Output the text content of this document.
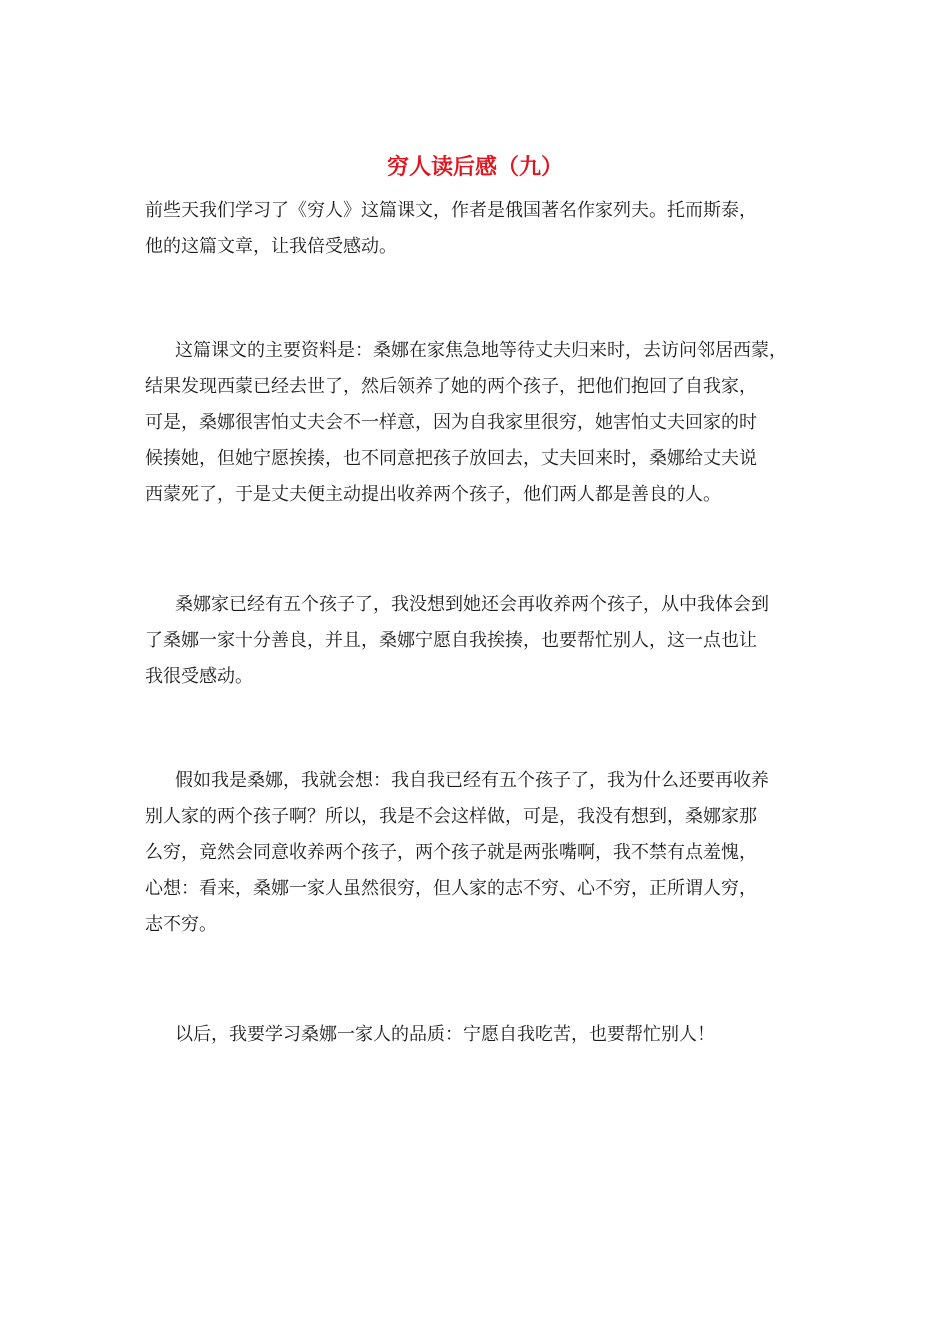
穷人读后感（九）

前些天我们学习了《穷人》这篇课文，作者是俄国著名作家列夫。托而斯泰，
他的这篇文章，让我倍受感动。

这篇课文的主要资料是：桑娜在家焦急地等待丈夫归来时，去访问邻居西蒙，
结果发现西蒙已经去世了，然后领养了她的两个孩子，把他们抱回了自我家，
可是，桑娜很害怕丈夫会不一样意，因为自我家里很穷，她害怕丈夫回家的时
候揍她，但她宁愿挨揍，也不同意把孩子放回去，丈夫回来时，桑娜给丈夫说
西蒙死了，于是丈夫便主动提出收养两个孩子，他们两人都是善良的人。

桑娜家已经有五个孩子了，我没想到她还会再收养两个孩子，从中我体会到
了桑娜一家十分善良，并且，桑娜宁愿自我挨揍，也要帮忙别人，这一点也让
我很受感动。

假如我是桑娜，我就会想：我自我已经有五个孩子了，我为什么还要再收养
别人家的两个孩子啊？所以，我是不会这样做，可是，我没有想到，桑娜家那
么穷，竟然会同意收养两个孩子，两个孩子就是两张嘴啊，我不禁有点羞愧，
心想：看来，桑娜一家人虽然很穷，但人家的志不穷、心不穷，正所谓人穷，
志不穷。

以后，我要学习桑娜一家人的品质：宁愿自我吃苦，也要帮忙别人！
